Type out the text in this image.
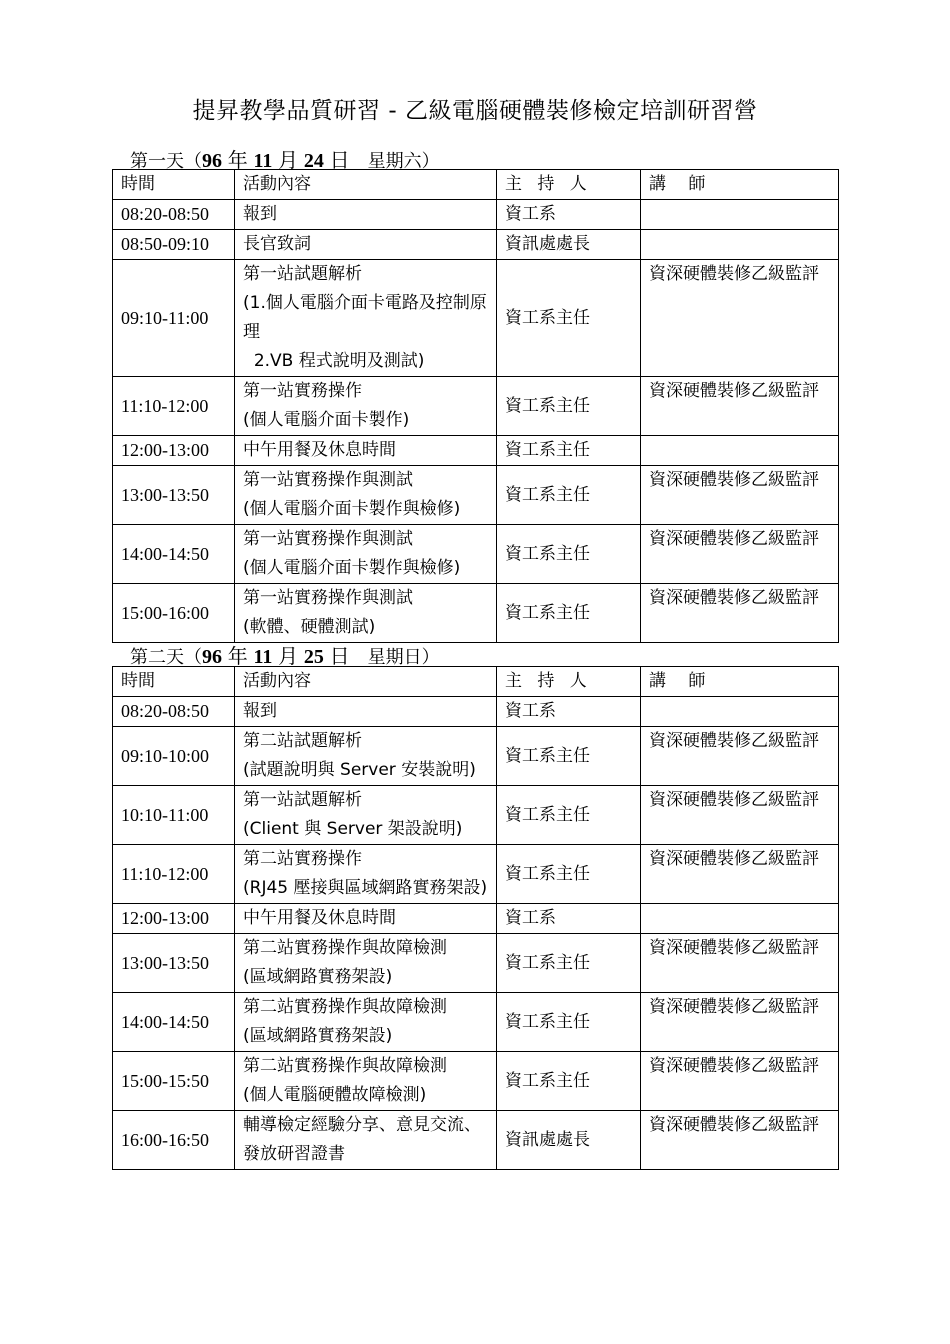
提昇教學品質研習 - 乙級電腦硬體裝修檢定培訓研習營
第一天（96 年 11 月 24 日　 星期六）
時間	活動內容	主 持 人	講　 師
08:20-08:50	報到	資工系	
08:50-09:10	長官致詞	資訊處處長	
09:10-11:00	第一站試題解析
(1.個人電腦介面卡電路及控制原理
2.VB 程式說明及測試)	資工系主任	資深硬體裝修乙級監評
11:10-12:00	第一站實務操作
(個人電腦介面卡製作)	資工系主任	資深硬體裝修乙級監評
12:00-13:00	中午用餐及休息時間	資工系主任	
13:00-13:50	第一站實務操作與測試
(個人電腦介面卡製作與檢修)	資工系主任	資深硬體裝修乙級監評
14:00-14:50	第一站實務操作與測試
(個人電腦介面卡製作與檢修)	資工系主任	資深硬體裝修乙級監評
15:00-16:00	第一站實務操作與測試
(軟體、硬體測試)	資工系主任	資深硬體裝修乙級監評
第二天（96 年 11 月 25 日　 星期日）
時間	活動內容	主 持 人	講　 師
08:20-08:50	報到	資工系	
09:10-10:00	第二站試題解析
(試題說明與 Server 安裝說明)	資工系主任	資深硬體裝修乙級監評
10:10-11:00	第一站試題解析
(Client 與 Server 架設說明)	資工系主任	資深硬體裝修乙級監評
11:10-12:00	第二站實務操作
(RJ45 壓接與區域網路實務架設)	資工系主任	資深硬體裝修乙級監評
12:00-13:00	中午用餐及休息時間	資工系	
13:00-13:50	第二站實務操作與故障檢測
(區域網路實務架設)	資工系主任	資深硬體裝修乙級監評
14:00-14:50	第二站實務操作與故障檢測
(區域網路實務架設)	資工系主任	資深硬體裝修乙級監評
15:00-15:50	第二站實務操作與故障檢測
(個人電腦硬體故障檢測)	資工系主任	資深硬體裝修乙級監評
16:00-16:50	輔導檢定經驗分享、意見交流、發放研習證書	資訊處處長	資深硬體裝修乙級監評
